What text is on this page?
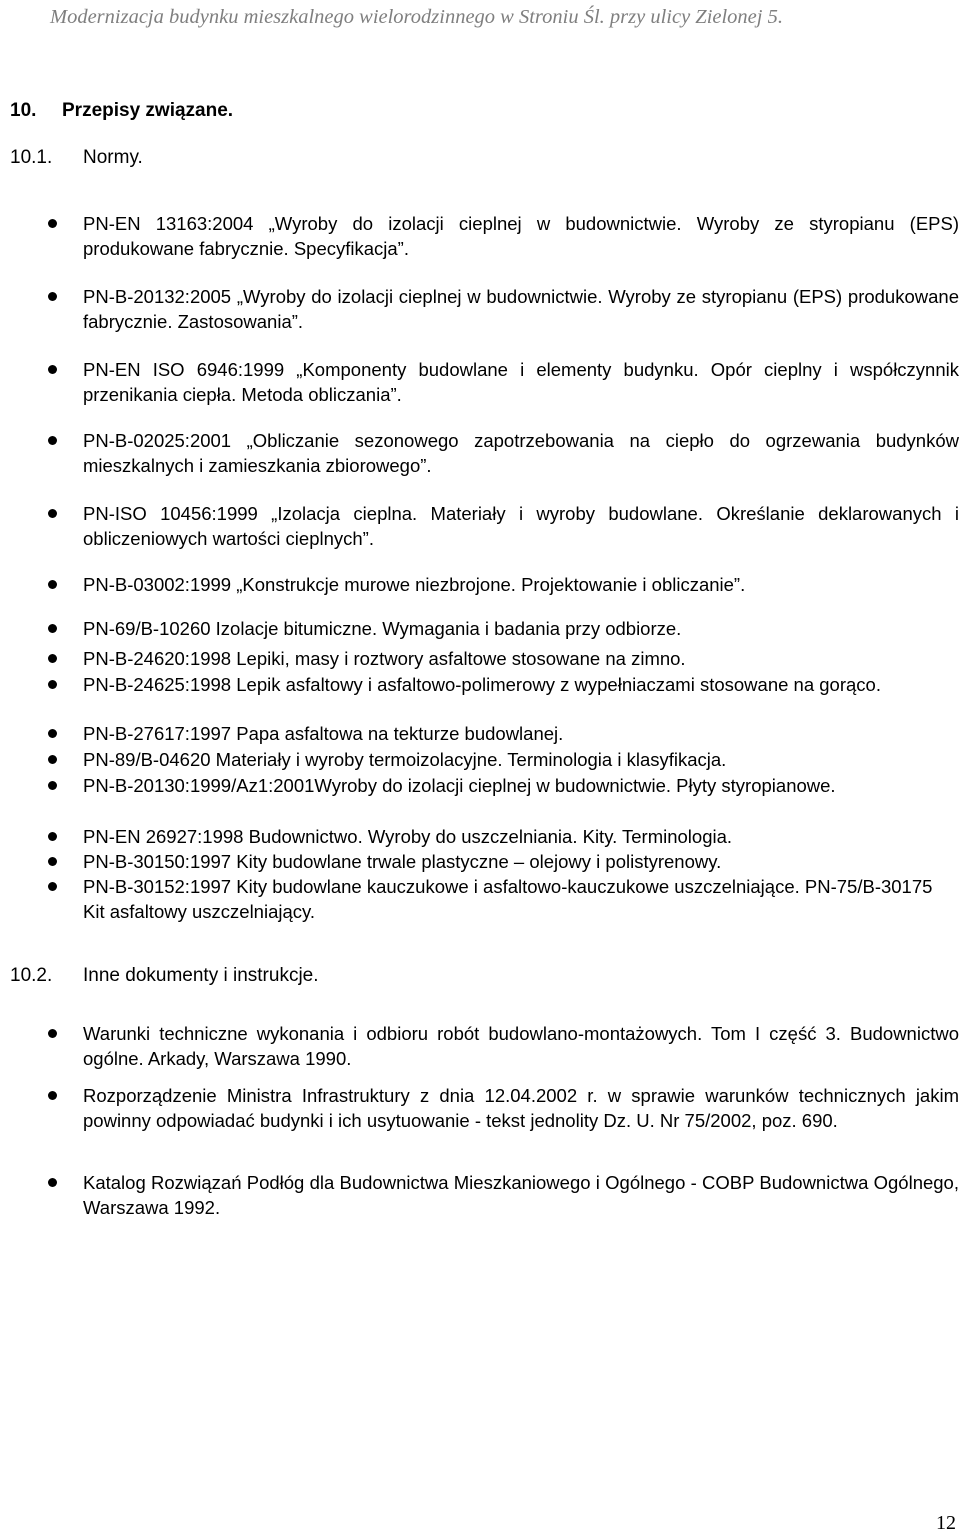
Modernizacja budynku mieszkalnego wielorodzinnego w Stroniu Śl. przy ulicy Zielonej 5.
10. Przepisy związane.
10.1. Normy.
PN-EN 13163:2004 „Wyroby do izolacji cieplnej w budownictwie. Wyroby ze styropianu (EPS) produkowane fabrycznie. Specyfikacja”.
PN-B-20132:2005 „Wyroby do izolacji cieplnej w budownictwie. Wyroby ze styropianu (EPS) produkowane fabrycznie. Zastosowania”.
PN-EN ISO 6946:1999 „Komponenty budowlane i elementy budynku. Opór cieplny i współczynnik przenikania ciepła. Metoda obliczania”.
PN-B-02025:2001 „Obliczanie sezonowego zapotrzebowania na ciepło do ogrzewania budynków mieszkalnych i zamieszkania zbiorowego”.
PN-ISO 10456:1999 „Izolacja cieplna. Materiały i wyroby budowlane. Określanie deklarowanych i obliczeniowych wartości cieplnych”.
PN-B-03002:1999 „Konstrukcje murowe niezbrojone. Projektowanie i obliczanie”.
PN-69/B-10260 Izolacje bitumiczne. Wymagania i badania przy odbiorze.
PN-B-24620:1998 Lepiki, masy i roztwory asfaltowe stosowane na zimno.
PN-B-24625:1998 Lepik asfaltowy i asfaltowo-polimerowy z wypełniaczami stosowane na gorąco.
PN-B-27617:1997 Papa asfaltowa na tekturze budowlanej.
PN-89/B-04620 Materiały i wyroby termoizolacyjne. Terminologia i klasyfikacja.
PN-B-20130:1999/Az1:2001Wyroby do izolacji cieplnej w budownictwie. Płyty styropianowe.
PN-EN 26927:1998 Budownictwo. Wyroby do uszczelniania. Kity. Terminologia.
PN-B-30150:1997 Kity budowlane trwale plastyczne – olejowy i polistyrenowy.
PN-B-30152:1997 Kity budowlane kauczukowe i asfaltowo-kauczukowe uszczelniające. PN-75/B-30175 Kit asfaltowy uszczelniający.
10.2. Inne dokumenty i instrukcje.
Warunki techniczne wykonania i odbioru robót budowlano-montażowych. Tom I część 3. Budownictwo ogólne. Arkady, Warszawa 1990.
Rozporządzenie Ministra Infrastruktury z dnia 12.04.2002 r. w sprawie warunków technicznych jakim powinny odpowiadać budynki i ich usytuowanie - tekst jednolity Dz. U. Nr 75/2002, poz. 690.
Katalog Rozwiązań Podłóg dla Budownictwa Mieszkaniowego i Ogólnego - COBP Budownictwa Ogólnego, Warszawa 1992.
12
